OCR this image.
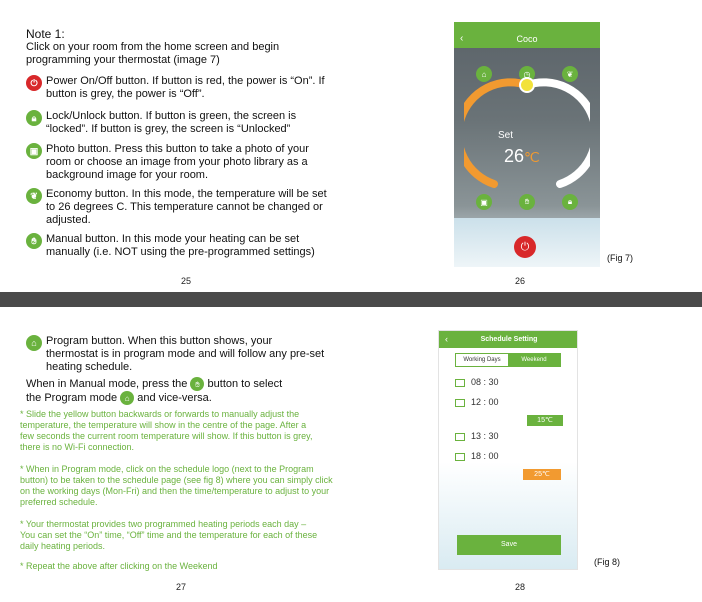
Note 1:
Click on your room from the home screen and begin programming your thermostat (image 7)
⏻ Power On/Off button. If button is red, the power is “On”. If button is grey, the power is “Off”.
🔒︎ Lock/Unlock button. If button is green, the screen is “locked”. If button is grey, the screen is “Unlocked”
▣ Photo button. Press this button to take a photo of your room or choose an image from your photo library as a background image for your room.
❦ Economy button. In this mode, the temperature will be set to 26 degrees C. This temperature cannot be changed or adjusted.
✋︎ Manual button. In this mode your heating can be set manually (i.e. NOT using the pre-programmed settings)
25
Coco
‹
⌂	◷	❦
Set
26℃
▣	✋︎	🔒︎
⏻
(Fig 7)
26
⌂ Program button. When this button shows, your thermostat is in program mode and will follow any pre-set heating schedule.
When in Manual mode, press the ✋︎ button to select
the Program mode ⌂ and vice-versa.
* Slide the yellow button backwards or forwards to manually adjust the temperature, the temperature will show in the centre of the page. After a few seconds the current room temperature will show. If this button is grey, there is no Wi-Fi connection.
* When in Program mode, click on the schedule logo (next to the Program button) to be taken to the schedule page (see fig 8) where you can simply click on the working days (Mon-Fri) and then the time/temperature to adjust to your preferred schedule.
* Your thermostat provides two programmed heating periods each day – You can set the “On” time, “Off” time and the temperature for each of these daily heating periods.
* Repeat the above after clicking on the Weekend
27
Schedule Setting
‹
Working Days	Weekend
08 : 30
12 : 00
15℃
13 : 30
18 : 00
25℃
Save
(Fig 8)
28
